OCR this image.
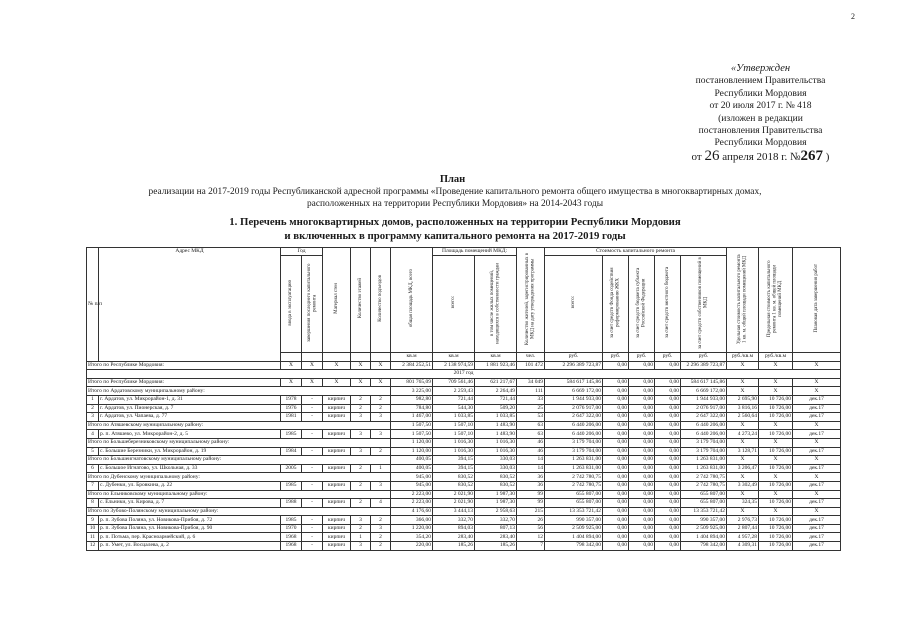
2
«Утвержден
постановлением Правительства
Республики Мордовия
от 20 июля 2017 г. № 418
(изложен в редакции
постановления Правительства
Республики Мордовия
от 26 апреля 2018 г. №267 )
План
реализации на 2017-2019 годы Республиканской адресной программы «Проведение капитального ремонта общего имущества в многоквартирных домах,
расположенных на территории Республики Мордовия» на 2014-2043 годы
1. Перечень многоквартирных домов, расположенных на территории Республики Мордовия
и включенных в программу капитального ремонта на 2017-2019 годы
№ п/п	Адрес МКД	Год		Материал стен	Количество этажей	Количество подъездов	общая площадь МКД, всего	Площадь помещений МКД:		Количество жителей, зарегистрированных в МКД на дату утверждения программы	Стоимость капитального ремонта					Удельная стоимость капитального ремонта 1 кв. м. общей площади помещений МКД	Предельная стоимость капитального ремонта 1 кв. м. общей площади помещений МКД	Плановая дата завершения работ
		ввода в эксплуатацию	завершения последнего капитального ремонта					всего:	в том числе жилых помещений, находящихся в собственности граждан		всего:	за счет средств Фонда содействия реформированию ЖКХ	за счет средств бюджета субъекта Российской Федерации	за счет средств местного бюджета	за счет средств собственников помещений в МКД			
							кв.м	кв.м	кв.м	чел.	руб.	руб.	руб.	руб.	руб.	руб./кв.м	руб./кв.м	
Итого по Республике Мордовия:		X	X	X	X	X	2 384 252,51	2 138 974,59	1 881 923,46	101 472	2 296 389 723,87	0,00	0,00	0,00	2 296 389 723,87	X	X	X
2017 год																		
Итого по Республике Мордовия:		X	X	X	X	X	801 765,09	709 561,46	621 217,67	34 049	584 617 145,86	0,00	0,00	0,00	584 617 145,86	X	X	X
Итого по Ардатовскому муниципальному району:							3 225,00	2 259,43	2 264,49	111	6 669 172,00	0,00	0,00	0,00	6 669 172,00	X	X	X
1	г. Ардатов, ул. Микрорайон-1, д. 31	1978	-	кирпич	2	2	982,80	721,44	721,44	33	1 944 933,00	0,00	0,00	0,00	1 944 933,00	2 695,90	10 726,00	дек.17
2	г. Ардатов, ул. Пионерская, д. 7	1976	-	кирпич	2	2	784,80	544,30	509,20	25	2 076 917,00	0,00	0,00	0,00	2 076 917,00	3 816,16	10 726,00	дек.17
3	г. Ардатов, ул. Чапаева, д. 77	1981	-	кирпич	3	3	1 467,00	1 033,85	1 033,85	53	2 647 322,00	0,00	0,00	0,00	2 647 322,00	2 560,64	10 726,00	дек.17
Итого по Атяшевскому муниципальному району:							1 507,50	1 507,10	1 483,90	63	6 440 206,00	0,00	0,00	0,00	6 440 206,00	X	X	X
4	р. п. Атяшево, ул. Микрорайон-2, д. 5	1985	-	кирпич	3	3	1 507,50	1 507,10	1 483,90	63	6 440 206,00	0,00	0,00	0,00	6 440 206,00	4 273,24	10 726,00	дек.17
Итого по Большеберезниковскому муниципальному району:							1 120,00	1 016,30	1 016,30	46	3 179 704,00	0,00	0,00	0,00	3 179 704,00	X	X	X
5	с. Большие Березники, ул. Микрорайон, д. 19	1984	-	кирпич	3	2	1 120,00	1 016,30	1 016,30	46	3 179 704,00	0,00	0,00	0,00	3 179 704,00	3 128,71	10 726,00	дек.17
Итого по Большеигнатовскому муниципальному району:							400,05	394,15	330,03	14	1 263 831,00	0,00	0,00	0,00	1 263 831,00	X	X	X
6	с. Большое Игнатово, ул. Школьная, д. 33	2005	-	кирпич	2	1	400,05	394,15	330,03	14	1 263 831,00	0,00	0,00	0,00	1 263 831,00	3 206,47	10 726,00	дек.17
Итого по Дубенскому муниципальному району:							945,00	830,52	830,52	36	2 742 780,75	0,00	0,00	0,00	2 742 780,75	X	X	X
7	с. Дубенки, ул. Бровкина, д. 22	1985	-	кирпич	2	3	945,00	830,52	830,52	36	2 742 780,75	0,00	0,00	0,00	2 742 780,75	3 302,49	10 726,00	дек.17
Итого по Ельниковскому муниципальному району:							2 223,00	2 021,90	1 987,30	99	655 807,00	0,00	0,00	0,00	655 807,00	X	X	X
8	с. Ельники, ул. Кирова, д. 7	1988	-	кирпич	2	4	2 223,00	2 021,90	1 987,30	99	655 807,00	0,00	0,00	0,00	655 807,00	324,35	10 726,00	дек.17
Итого по Зубово-Полянскому муниципальному району:							4 176,60	3 444,13	2 958,63	215	13 353 721,42	0,00	0,00	0,00	13 353 721,42	X	X	X
9	р. п. Зубова Поляна, ул. Новикова-Прибоя, д. 72	1985	-	кирпич	3	2	366,00	332,70	332,70	26	990 357,00	0,00	0,00	0,00	990 357,00	2 976,73	10 726,00	дек.17
10	р. п. Зубова Поляна, ул. Новикова-Прибоя, д. 90	1970	-	кирпич	2	3	1 220,00	894,03	807,13	56	2 509 925,00	0,00	0,00	0,00	2 509 925,00	2 807,44	10 726,00	дек.17
11	р. п. Потьма, пер. Красноармейский, д. 6	1968	-	кирпич	1	2	354,20	283,40	283,40	12	1 404 894,00	0,00	0,00	0,00	1 404 894,00	4 957,28	10 726,00	дек.17
12	р. п. Умет, ул. Восцалева, д. 2	1968	-	кирпич	3	2	220,00	185,26	185,26	7	798 342,00	0,00	0,00	0,00	798 342,00	4 309,31	10 726,00	дек.17
